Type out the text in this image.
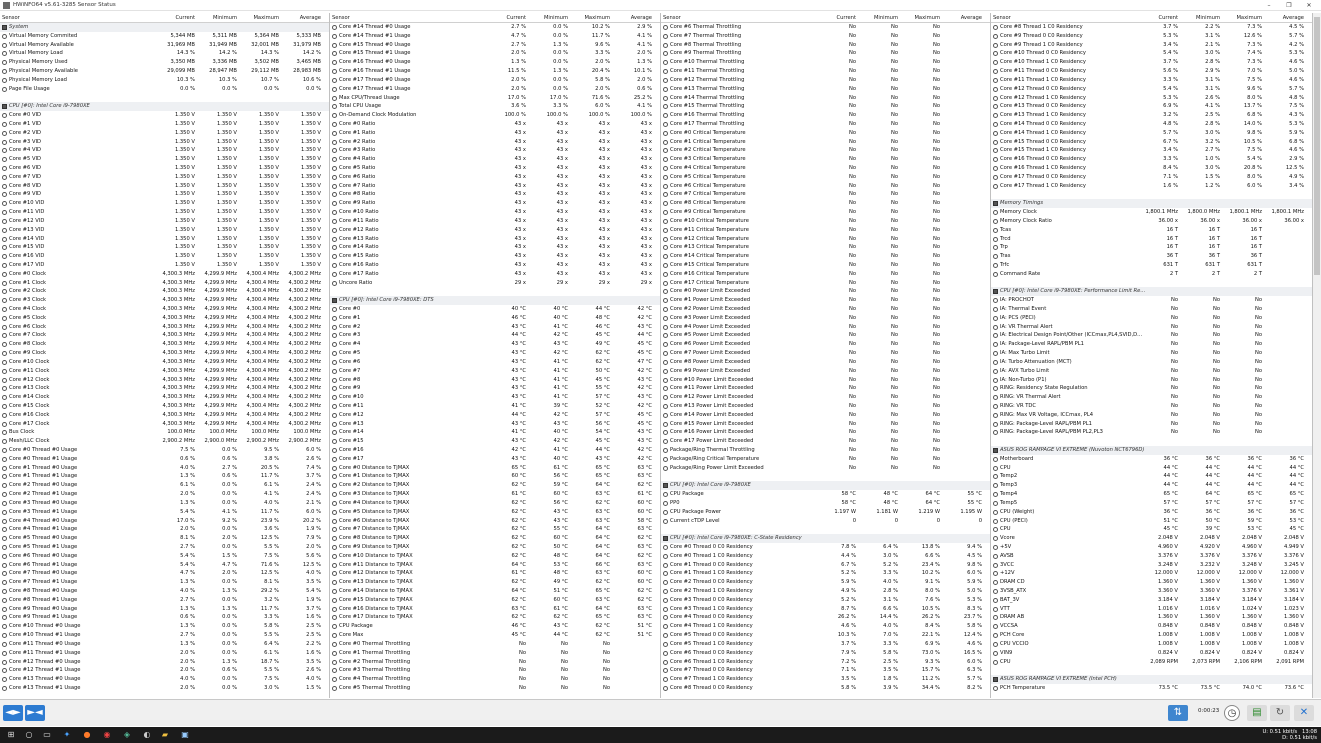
HWiNFO64 v5.61-3285 Sensor Status	–	❐	✕
Sensor	Current	Minimum	Maximum	Average
System
Virtual Memory Commited	5,344 MB	5,311 MB	5,364 MB	5,333 MB
Virtual Memory Available	31,969 MB	31,949 MB	32,001 MB	31,979 MB
Virtual Memory Load	14.3 %	14.2 %	14.3 %	14.2 %
Physical Memory Used	3,350 MB	3,336 MB	3,502 MB	3,465 MB
Physical Memory Available	29,099 MB	28,947 MB	29,112 MB	28,983 MB
Physical Memory Load	10.3 %	10.3 %	10.7 %	10.6 %
Page File Usage	0.0 %	0.0 %	0.0 %	0.0 %
CPU [#0]: Intel Core i9-7980XE
Core #0 VID	1.350 V	1.350 V	1.350 V	1.350 V
Core #1 VID	1.350 V	1.350 V	1.350 V	1.350 V
Core #2 VID	1.350 V	1.350 V	1.350 V	1.350 V
Core #3 VID	1.350 V	1.350 V	1.350 V	1.350 V
Core #4 VID	1.350 V	1.350 V	1.350 V	1.350 V
Core #5 VID	1.350 V	1.350 V	1.350 V	1.350 V
Core #6 VID	1.350 V	1.350 V	1.350 V	1.350 V
Core #7 VID	1.350 V	1.350 V	1.350 V	1.350 V
Core #8 VID	1.350 V	1.350 V	1.350 V	1.350 V
Core #9 VID	1.350 V	1.350 V	1.350 V	1.350 V
Core #10 VID	1.350 V	1.350 V	1.350 V	1.350 V
Core #11 VID	1.350 V	1.350 V	1.350 V	1.350 V
Core #12 VID	1.350 V	1.350 V	1.350 V	1.350 V
Core #13 VID	1.350 V	1.350 V	1.350 V	1.350 V
Core #14 VID	1.350 V	1.350 V	1.350 V	1.350 V
Core #15 VID	1.350 V	1.350 V	1.350 V	1.350 V
Core #16 VID	1.350 V	1.350 V	1.350 V	1.350 V
Core #17 VID	1.350 V	1.350 V	1.350 V	1.350 V
Core #0 Clock	4,300.3 MHz 4,299.9 MHz 4,300.4 MHz 4,300.2 MHz
Core #1 Clock	4,300.3 MHz 4,299.9 MHz 4,300.4 MHz 4,300.2 MHz
Core #2 Clock	4,300.3 MHz 4,299.9 MHz 4,300.4 MHz 4,300.2 MHz
Core #3 Clock	4,300.3 MHz 4,299.9 MHz 4,300.4 MHz 4,300.2 MHz
Core #4 Clock	4,300.3 MHz 4,299.9 MHz 4,300.4 MHz 4,300.2 MHz
Core #5 Clock	4,300.3 MHz 4,299.9 MHz 4,300.4 MHz 4,300.2 MHz
Core #6 Clock	4,300.3 MHz 4,299.9 MHz 4,300.4 MHz 4,300.2 MHz
Core #7 Clock	4,300.3 MHz 4,299.9 MHz 4,300.4 MHz 4,300.2 MHz
Core #8 Clock	4,300.3 MHz 4,299.9 MHz 4,300.4 MHz 4,300.2 MHz
Core #9 Clock	4,300.3 MHz 4,299.9 MHz 4,300.4 MHz 4,300.2 MHz
Core #10 Clock	4,300.3 MHz 4,299.9 MHz 4,300.4 MHz 4,300.2 MHz
Core #11 Clock	4,300.3 MHz 4,299.9 MHz 4,300.4 MHz 4,300.2 MHz
Core #12 Clock	4,300.3 MHz 4,299.9 MHz 4,300.4 MHz 4,300.2 MHz
Core #13 Clock	4,300.3 MHz 4,299.9 MHz 4,300.4 MHz 4,300.2 MHz
Core #14 Clock	4,300.3 MHz 4,299.9 MHz 4,300.4 MHz 4,300.2 MHz
Core #15 Clock	4,300.3 MHz 4,299.9 MHz 4,300.4 MHz 4,300.2 MHz
Core #16 Clock	4,300.3 MHz 4,299.9 MHz 4,300.4 MHz 4,300.2 MHz
Core #17 Clock	4,300.3 MHz 4,299.9 MHz 4,300.4 MHz 4,300.2 MHz
Bus Clock	100.0 MHz	100.0 MHz	100.0 MHz	100.0 MHz
Mesh/LLC Clock	2,900.2 MHz 2,900.0 MHz 2,900.2 MHz 2,900.2 MHz
Core #0 Thread #0 Usage	7.5 %	0.0 %	9.5 %	6.0 %
Core #0 Thread #1 Usage	0.6 %	0.6 %	3.8 %	2.6 %
Core #1 Thread #0 Usage	4.0 %	2.7 %	20.5 %	7.4 %
Core #1 Thread #1 Usage	1.3 %	0.6 %	11.7 %	3.7 %
Core #2 Thread #0 Usage	6.1 %	0.0 %	6.1 %	2.4 %
Core #2 Thread #1 Usage	2.0 %	0.0 %	4.1 %	2.4 %
Core #3 Thread #0 Usage	1.3 %	0.0 %	4.0 %	2.1 %
Core #3 Thread #1 Usage	5.4 %	4.1 %	11.7 %	6.0 %
Core #4 Thread #0 Usage	17.0 %	9.2 %	23.9 %	20.2 %
Core #4 Thread #1 Usage	2.0 %	0.0 %	3.6 %	1.9 %
Core #5 Thread #0 Usage	8.1 %	2.0 %	12.5 %	7.9 %
Core #5 Thread #1 Usage	2.7 %	0.0 %	5.5 %	2.0 %
Core #6 Thread #0 Usage	5.4 %	1.5 %	7.5 %	5.6 %
Core #6 Thread #1 Usage	5.4 %	4.7 %	71.6 %	12.5 %
Core #7 Thread #0 Usage	4.7 %	2.0 %	12.5 %	4.0 %
Core #7 Thread #1 Usage	1.3 %	0.0 %	8.1 %	3.5 %
Core #8 Thread #0 Usage	4.0 %	1.3 %	29.2 %	5.4 %
Core #8 Thread #1 Usage	2.7 %	0.0 %	3.2 %	1.9 %
Core #9 Thread #0 Usage	1.3 %	1.3 %	11.7 %	3.7 %
Core #9 Thread #1 Usage	0.6 %	0.0 %	3.3 %	1.6 %
Core #10 Thread #0 Usage	1.3 %	0.0 %	5.8 %	2.5 %
Core #10 Thread #1 Usage	2.7 %	0.0 %	5.5 %	2.5 %
Core #11 Thread #0 Usage	1.3 %	0.0 %	6.4 %	2.2 %
Core #11 Thread #1 Usage	2.0 %	0.0 %	6.1 %	1.6 %
Core #12 Thread #0 Usage	2.0 %	1.3 %	18.7 %	3.5 %
Core #12 Thread #1 Usage	2.0 %	0.6 %	5.5 %	2.6 %
Core #13 Thread #0 Usage	4.0 %	0.0 %	7.5 %	4.0 %
Core #13 Thread #1 Usage	2.0 %	0.0 %	3.0 %	1.5 %
Sensor	Current	Minimum	Maximum	Average
Core #14 Thread #0 Usage	2.7 %	0.0 %	10.2 %	2.9 %
Core #14 Thread #1 Usage	4.7 %	0.0 %	11.7 %	4.1 %
Core #15 Thread #0 Usage	2.7 %	1.3 %	9.6 %	4.1 %
Core #15 Thread #1 Usage	2.0 %	0.0 %	3.3 %	2.0 %
Core #16 Thread #0 Usage	1.3 %	0.0 %	2.0 %	1.3 %
Core #16 Thread #1 Usage	11.5 %	1.3 %	20.4 %	10.1 %
Core #17 Thread #0 Usage	2.0 %	0.0 %	5.8 %	2.0 %
Core #17 Thread #1 Usage	2.0 %	0.0 %	2.0 %	0.6 %
Max CPU/Thread Usage	17.0 %	17.0 %	71.6 %	25.2 %
Total CPU Usage	3.6 %	3.3 %	6.0 %	4.1 %
On-Demand Clock Modulation	100.0 %	100.0 %	100.0 %	100.0 %
Core #0 Ratio	43 x	43 x	43 x	43 x
Core #1 Ratio	43 x	43 x	43 x	43 x
Core #2 Ratio	43 x	43 x	43 x	43 x
Core #3 Ratio	43 x	43 x	43 x	43 x
Core #4 Ratio	43 x	43 x	43 x	43 x
Core #5 Ratio	43 x	43 x	43 x	43 x
Core #6 Ratio	43 x	43 x	43 x	43 x
Core #7 Ratio	43 x	43 x	43 x	43 x
Core #8 Ratio	43 x	43 x	43 x	43 x
Core #9 Ratio	43 x	43 x	43 x	43 x
Core #10 Ratio	43 x	43 x	43 x	43 x
Core #11 Ratio	43 x	43 x	43 x	43 x
Core #12 Ratio	43 x	43 x	43 x	43 x
Core #13 Ratio	43 x	43 x	43 x	43 x
Core #14 Ratio	43 x	43 x	43 x	43 x
Core #15 Ratio	43 x	43 x	43 x	43 x
Core #16 Ratio	43 x	43 x	43 x	43 x
Core #17 Ratio	43 x	43 x	43 x	43 x
Uncore Ratio	29 x	29 x	29 x	29 x
CPU [#0]: Intel Core i9-7980XE: DTS
Core #0	40 °C	40 °C	44 °C	42 °C
Core #1	46 °C	40 °C	48 °C	42 °C
Core #2	43 °C	41 °C	46 °C	43 °C
Core #3	44 °C	42 °C	45 °C	44 °C
Core #4	43 °C	43 °C	49 °C	45 °C
Core #5	43 °C	42 °C	62 °C	45 °C
Core #6	43 °C	41 °C	62 °C	47 °C
Core #7	43 °C	41 °C	50 °C	42 °C
Core #8	43 °C	41 °C	45 °C	43 °C
Core #9	43 °C	41 °C	55 °C	42 °C
Core #10	43 °C	41 °C	57 °C	43 °C
Core #11	41 °C	39 °C	52 °C	42 °C
Core #12	44 °C	42 °C	57 °C	45 °C
Core #13	43 °C	43 °C	56 °C	45 °C
Core #14	41 °C	40 °C	54 °C	43 °C
Core #15	43 °C	42 °C	45 °C	43 °C
Core #16	42 °C	41 °C	44 °C	42 °C
Core #17	43 °C	40 °C	43 °C	42 °C
Core #0 Distance to TjMAX	65 °C	61 °C	65 °C	63 °C
Core #1 Distance to TjMAX	60 °C	56 °C	65 °C	63 °C
Core #2 Distance to TjMAX	62 °C	59 °C	64 °C	62 °C
Core #3 Distance to TjMAX	61 °C	60 °C	63 °C	61 °C
Core #4 Distance to TjMAX	62 °C	56 °C	62 °C	60 °C
Core #5 Distance to TjMAX	62 °C	43 °C	63 °C	60 °C
Core #6 Distance to TjMAX	62 °C	43 °C	63 °C	58 °C
Core #7 Distance to TjMAX	62 °C	55 °C	64 °C	63 °C
Core #8 Distance to TjMAX	62 °C	60 °C	64 °C	62 °C
Core #9 Distance to TjMAX	62 °C	50 °C	64 °C	63 °C
Core #10 Distance to TjMAX	62 °C	48 °C	64 °C	62 °C
Core #11 Distance to TjMAX	64 °C	53 °C	66 °C	63 °C
Core #12 Distance to TjMAX	61 °C	48 °C	63 °C	60 °C
Core #13 Distance to TjMAX	62 °C	49 °C	62 °C	60 °C
Core #14 Distance to TjMAX	64 °C	51 °C	65 °C	62 °C
Core #15 Distance to TjMAX	62 °C	60 °C	63 °C	62 °C
Core #16 Distance to TjMAX	63 °C	61 °C	64 °C	63 °C
Core #17 Distance to TjMAX	62 °C	62 °C	65 °C	63 °C
CPU Package	46 °C	43 °C	62 °C	51 °C
Core Max	45 °C	44 °C	62 °C	51 °C
Core #0 Thermal Throttling	No	No	No
Core #1 Thermal Throttling	No	No	No
Core #2 Thermal Throttling	No	No	No
Core #3 Thermal Throttling	No	No	No
Core #4 Thermal Throttling	No	No	No
Core #5 Thermal Throttling	No	No	No
Sensor	Current	Minimum	Maximum	Average
Core #6 Thermal Throttling	No	No	No
Core #7 Thermal Throttling	No	No	No
Core #8 Thermal Throttling	No	No	No
Core #9 Thermal Throttling	No	No	No
Core #10 Thermal Throttling	No	No	No
Core #11 Thermal Throttling	No	No	No
Core #12 Thermal Throttling	No	No	No
Core #13 Thermal Throttling	No	No	No
Core #14 Thermal Throttling	No	No	No
Core #15 Thermal Throttling	No	No	No
Core #16 Thermal Throttling	No	No	No
Core #17 Thermal Throttling	No	No	No
Core #0 Critical Temperature	No	No	No
Core #1 Critical Temperature	No	No	No
Core #2 Critical Temperature	No	No	No
Core #3 Critical Temperature	No	No	No
Core #4 Critical Temperature	No	No	No
Core #5 Critical Temperature	No	No	No
Core #6 Critical Temperature	No	No	No
Core #7 Critical Temperature	No	No	No
Core #8 Critical Temperature	No	No	No
Core #9 Critical Temperature	No	No	No
Core #10 Critical Temperature	No	No	No
Core #11 Critical Temperature	No	No	No
Core #12 Critical Temperature	No	No	No
Core #13 Critical Temperature	No	No	No
Core #14 Critical Temperature	No	No	No
Core #15 Critical Temperature	No	No	No
Core #16 Critical Temperature	No	No	No
Core #17 Critical Temperature	No	No	No
Core #0 Power Limit Exceeded	No	No	No
Core #1 Power Limit Exceeded	No	No	No
Core #2 Power Limit Exceeded	No	No	No
Core #3 Power Limit Exceeded	No	No	No
Core #4 Power Limit Exceeded	No	No	No
Core #5 Power Limit Exceeded	No	No	No
Core #6 Power Limit Exceeded	No	No	No
Core #7 Power Limit Exceeded	No	No	No
Core #8 Power Limit Exceeded	No	No	No
Core #9 Power Limit Exceeded	No	No	No
Core #10 Power Limit Exceeded	No	No	No
Core #11 Power Limit Exceeded	No	No	No
Core #12 Power Limit Exceeded	No	No	No
Core #13 Power Limit Exceeded	No	No	No
Core #14 Power Limit Exceeded	No	No	No
Core #15 Power Limit Exceeded	No	No	No
Core #16 Power Limit Exceeded	No	No	No
Core #17 Power Limit Exceeded	No	No	No
Package/Ring Thermal Throttling	No	No	No
Package/Ring Critical Temperature	No	No	No
Package/Ring Power Limit Exceeded	No	No	No
CPU [#0]: Intel Core i9-7980XE
CPU Package	58 °C	48 °C	64 °C	55 °C
PP0	58 °C	48 °C	64 °C	55 °C
CPU Package Power	1.197 W	1.181 W	1.219 W	1.195 W
Current cTDP Level	0	0	0	0
CPU [#0]: Intel Core i9-7980XE: C-State Residency
Core #0 Thread 0 C0 Residency	7.8 %	6.4 %	13.8 %	9.4 %
Core #0 Thread 1 C0 Residency	4.4 %	3.0 %	6.6 %	4.5 %
Core #1 Thread 0 C0 Residency	6.7 %	5.2 %	23.4 %	9.8 %
Core #1 Thread 1 C0 Residency	5.2 %	3.3 %	10.2 %	6.0 %
Core #2 Thread 0 C0 Residency	5.9 %	4.0 %	9.1 %	5.9 %
Core #2 Thread 1 C0 Residency	4.9 %	2.8 %	8.0 %	5.0 %
Core #3 Thread 0 C0 Residency	5.2 %	3.1 %	7.6 %	5.3 %
Core #3 Thread 1 C0 Residency	8.7 %	6.6 %	10.5 %	8.3 %
Core #4 Thread 0 C0 Residency	26.2 %	14.4 %	26.2 %	23.7 %
Core #4 Thread 1 C0 Residency	4.6 %	4.0 %	8.4 %	5.8 %
Core #5 Thread 0 C0 Residency	10.3 %	7.0 %	22.1 %	12.4 %
Core #5 Thread 1 C0 Residency	3.7 %	3.3 %	6.9 %	4.6 %
Core #6 Thread 0 C0 Residency	7.9 %	5.8 %	73.0 %	16.5 %
Core #6 Thread 1 C0 Residency	7.2 %	2.5 %	9.3 %	6.0 %
Core #7 Thread 0 C0 Residency	7.1 %	3.5 %	15.7 %	6.3 %
Core #7 Thread 1 C0 Residency	3.5 %	1.8 %	11.2 %	5.7 %
Core #8 Thread 0 C0 Residency	5.8 %	3.9 %	34.4 %	8.2 %
Sensor	Current	Minimum	Maximum	Average
Core #8 Thread 1 C0 Residency	3.7 %	2.2 %	7.3 %	4.5 %
Core #9 Thread 0 C0 Residency	5.3 %	3.1 %	12.6 %	5.7 %
Core #9 Thread 1 C0 Residency	3.4 %	2.1 %	7.3 %	4.2 %
Core #10 Thread 0 C0 Residency	5.4 %	3.0 %	7.4 %	5.3 %
Core #10 Thread 1 C0 Residency	3.7 %	2.8 %	7.3 %	4.6 %
Core #11 Thread 0 C0 Residency	5.6 %	2.9 %	7.0 %	5.0 %
Core #11 Thread 1 C0 Residency	3.3 %	3.1 %	7.5 %	4.6 %
Core #12 Thread 0 C0 Residency	5.4 %	3.1 %	9.6 %	5.7 %
Core #12 Thread 1 C0 Residency	5.3 %	2.6 %	8.0 %	4.8 %
Core #13 Thread 0 C0 Residency	6.9 %	4.1 %	13.7 %	7.5 %
Core #13 Thread 1 C0 Residency	3.2 %	2.5 %	6.8 %	4.3 %
Core #14 Thread 0 C0 Residency	4.8 %	2.8 %	14.0 %	5.3 %
Core #14 Thread 1 C0 Residency	5.7 %	3.0 %	9.8 %	5.9 %
Core #15 Thread 0 C0 Residency	6.7 %	3.2 %	10.5 %	6.8 %
Core #15 Thread 1 C0 Residency	3.4 %	2.7 %	7.5 %	4.6 %
Core #16 Thread 0 C0 Residency	3.3 %	1.0 %	5.4 %	2.9 %
Core #16 Thread 1 C0 Residency	8.4 %	3.0 %	20.8 %	12.5 %
Core #17 Thread 0 C0 Residency	7.1 %	1.5 %	8.0 %	4.9 %
Core #17 Thread 1 C0 Residency	1.6 %	1.2 %	6.0 %	3.4 %
Memory Timings
Memory Clock	1,800.1 MHz 1,800.0 MHz 1,800.1 MHz 1,800.1 MHz
Memory Clock Ratio	36.00 x	36.00 x	36.00 x	36.00 x
Tcas	16 T	16 T	16 T
Trcd	16 T	16 T	16 T
Trp	16 T	16 T	16 T
Tras	36 T	36 T	36 T
Trfc	631 T	631 T	631 T
Command Rate	2 T	2 T	2 T
CPU [#0]: Intel Core i9-7980XE: Performance Limit Re...
IA: PROCHOT	No	No	No
IA: Thermal Event	No	No	No
IA: PCS (PECI)	No	No	No
IA: VR Thermal Alert	No	No	No
IA: Electrical Design Point/Other (ICCmax,PL4,SVID,D...	No	No	No
IA: Package-Level RAPL/PBM PL1	No	No	No
IA: Max Turbo Limit	No	No	No
IA: Turbo Attenuation (MCT)	No	No	No
IA: AVX Turbo Limit	No	No	No
IA: Non-Turbo (P1)	No	No	No
RING: Residency State Regulation	No	No	No
RING: VR Thermal Alert	No	No	No
RING: VR TDC	No	No	No
RING: Max VR Voltage, ICCmax, PL4	No	No	No
RING: Package-Level RAPL/PBM PL1	No	No	No
RING: Package-Level RAPL/PBM PL2,PL3	No	No	No
ASUS ROG RAMPAGE VI EXTREME (Nuvoton NCT6796D)
Motherboard	36 °C	36 °C	36 °C	36 °C
CPU	44 °C	44 °C	44 °C	44 °C
Temp2	44 °C	44 °C	44 °C	44 °C
Temp3	44 °C	44 °C	44 °C	44 °C
Temp4	65 °C	64 °C	65 °C	65 °C
Temp5	57 °C	57 °C	57 °C	57 °C
CPU (Weight)	36 °C	36 °C	36 °C	36 °C
CPU (PECI)	51 °C	50 °C	59 °C	53 °C
CPU	45 °C	39 °C	53 °C	45 °C
Vcore	2.048 V	2.048 V	2.048 V	2.048 V
+5V	4.960 V	4.920 V	4.960 V	4.949 V
AVSB	3.376 V	3.376 V	3.376 V	3.376 V
3VCC	3.248 V	3.232 V	3.248 V	3.245 V
+12V	12.000 V	12.000 V	12.000 V	12.000 V
DRAM CD	1.360 V	1.360 V	1.360 V	1.360 V
3VSB_ATX	3.360 V	3.360 V	3.376 V	3.361 V
BAT_3V	3.184 V	3.184 V	3.184 V	3.184 V
VTT	1.016 V	1.016 V	1.024 V	1.023 V
DRAM AB	1.360 V	1.360 V	1.360 V	1.360 V
VCCSA	0.848 V	0.848 V	0.848 V	0.848 V
PCH Core	1.008 V	1.008 V	1.008 V	1.008 V
CPU VCCIO	1.008 V	1.008 V	1.008 V	1.008 V
VIN9	0.824 V	0.824 V	0.824 V	0.824 V
CPU	2,089 RPM	2,073 RPM	2,106 RPM	2,091 RPM
ASUS ROG RAMPAGE VI EXTREME (Intel PCH)
PCH Temperature	73.5 °C	73.5 °C	74.0 °C	73.6 °C
◄► ►◄	⇅	0:00:23 ◷	▤	↻	✕
⊞ ○ ▭ ✦ ● ◉ ◈ ◐ ▰ ▣	U: 0.51 kbit/s 13:08
D: 0.51 kbit/s
